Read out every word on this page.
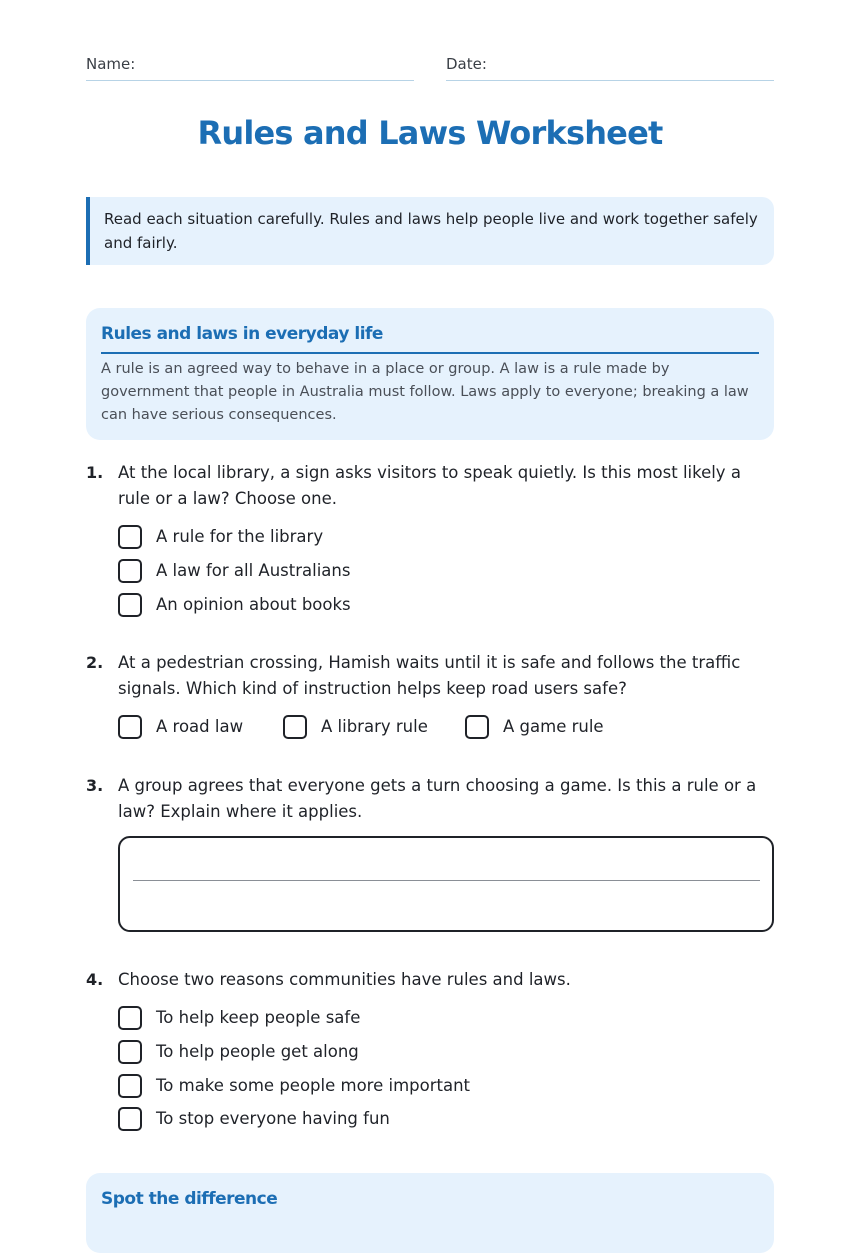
Name:	Date:
Rules and Laws Worksheet
Read each situation carefully. Rules and laws help people live and work together safely and fairly.
Rules and laws in everyday life
A rule is an agreed way to behave in a place or group. A law is a rule made by government that people in Australia must follow. Laws apply to everyone; breaking a law can have serious consequences.
1. At the local library, a sign asks visitors to speak quietly. Is this most likely a rule or a law? Choose one.
A rule for the library
A law for all Australians
An opinion about books
2. At a pedestrian crossing, Hamish waits until it is safe and follows the traffic signals. Which kind of instruction helps keep road users safe?
A road law	A library rule	A game rule
3. A group agrees that everyone gets a turn choosing a game. Is this a rule or a law? Explain where it applies.
4. Choose two reasons communities have rules and laws.
To help keep people safe
To help people get along
To make some people more important
To stop everyone having fun
Spot the difference
